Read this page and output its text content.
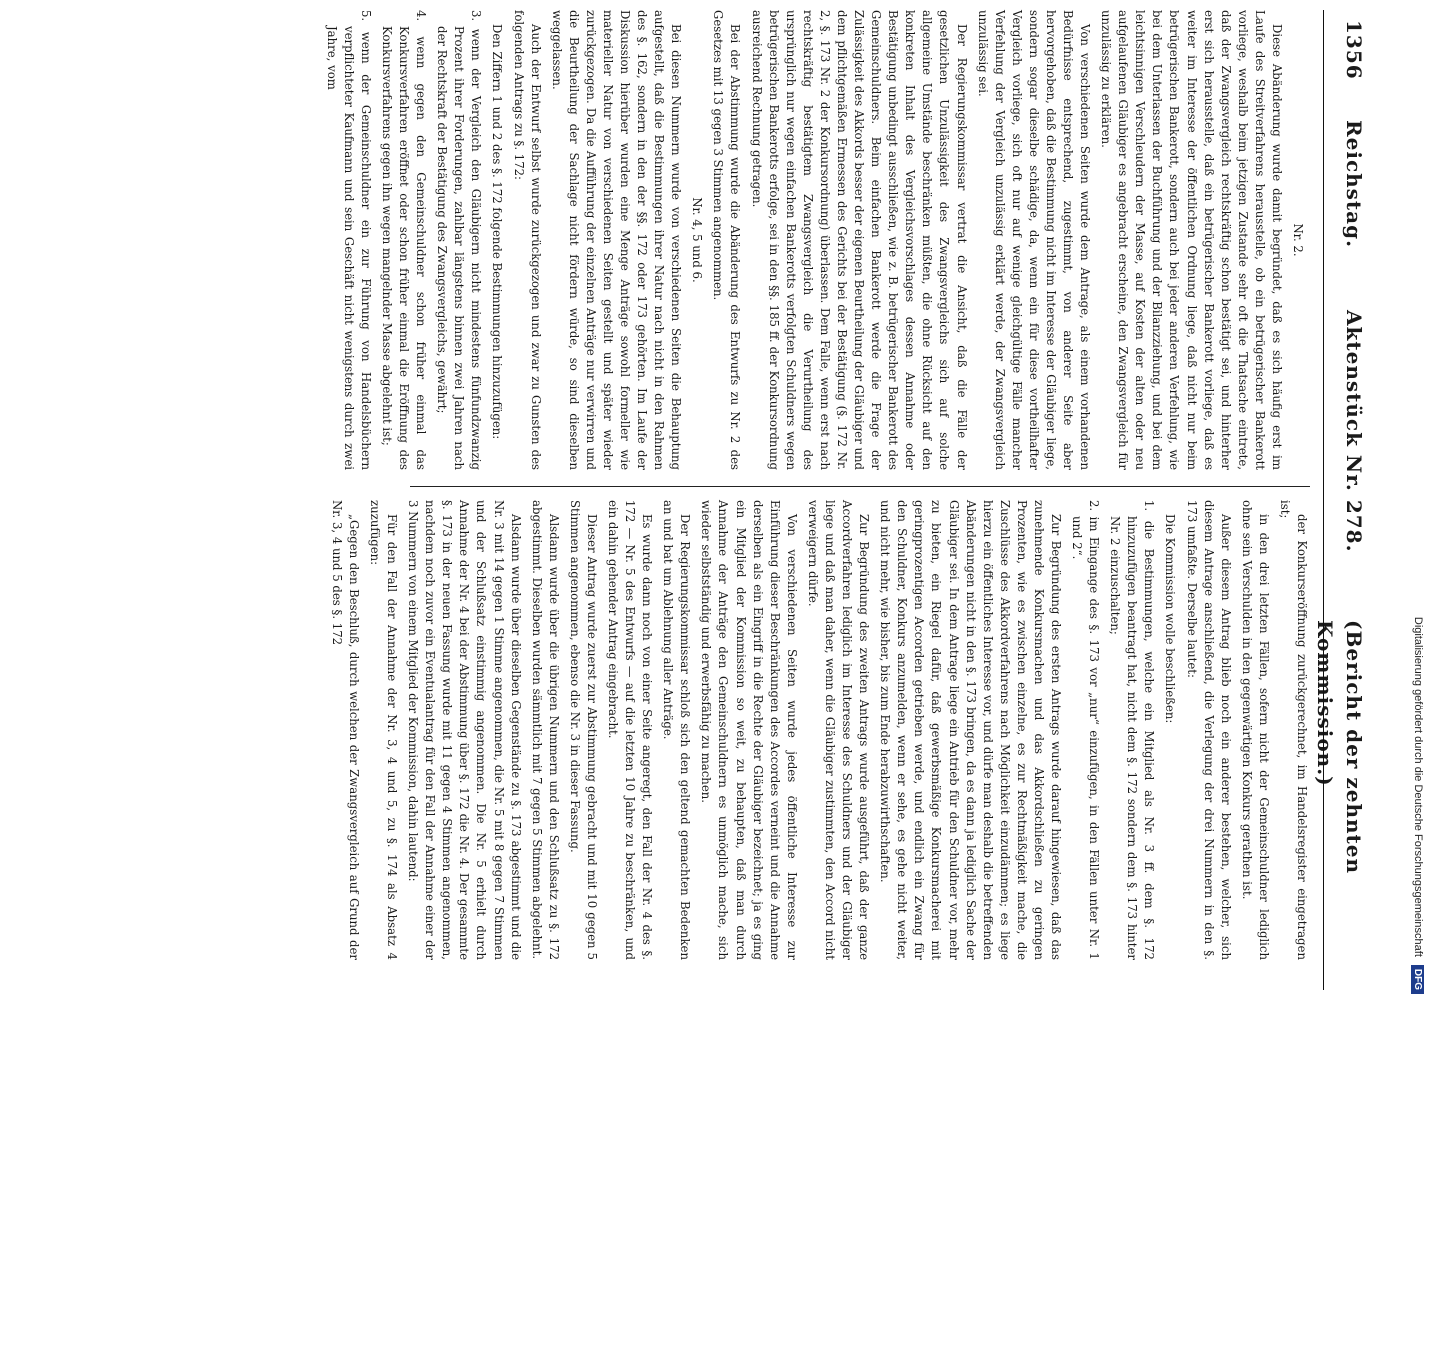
1356
Reichstag.
Aktenstück Nr. 278.
(Bericht der zehnten Kommission.)

Nr. 2.

Diese Abänderung wurde damit begründet, daß es sich häufig erst im Laufe des Streitverfahrens herausstelle, ob ein betrügerischer Bankerott vorliege, weshalb beim jetzigen Zustande sehr oft die Thatsache eintrete, daß der Zwangsvergleich rechtskräftig schon bestätigt sei, und hinterher erst sich herausstelle, daß ein betrügerischer Bankerott vorliege, daß es weiter im Interesse der öffentlichen Ordnung liege, daß nicht nur beim betrügerischen Bankerott, sondern auch bei jeder anderen Verfehlung, wie bei dem Unterlassen der Buchführung und der Bilanzziehung, und bei dem leichtsinnigen Verschleudern der Masse, auf Kosten der alten oder neu aufgelaufenen Gläubiger es angebracht erscheine, den Zwangsvergleich für unzulässig zu erklären.

Von verschiedenen Seiten wurde dem Antrage, als einem vorhandenen Bedürfnisse entsprechend, zugestimmt, von anderer Seite aber hervorgehoben, daß die Bestimmung nicht im Interesse der Gläubiger liege, sondern sogar dieselbe schädige, da, wenn ein für diese vortheilhafter Vergleich vorliege, sich oft nur auf wenige gleichgültige Fälle mancher Verfehlung der Vergleich unzulässig erklärt werde, der Zwangsvergleich unzulässig sei.

Der Regierungskommissar vertrat die Ansicht, daß die Fälle der gesetzlichen Unzulässigkeit des Zwangsvergleichs sich auf solche allgemeine Umstände beschränken müßten, die ohne Rücksicht auf den konkreten Inhalt des Vergleichsvorschlages dessen Annahme oder Bestätigung unbedingt ausschließen, wie z. B. betrügerischer Bankerott des Gemeinschuldners. Beim einfachen Bankerott werde die Frage der Zulässigkeit des Akkords besser der eigenen Beurtheilung der Gläubiger und dem pflichtgemäßen Ermessen des Gerichts bei der Bestätigung (§. 172 Nr. 2, §. 173 Nr. 2 der Konkursordnung) überlassen. Dem Falle, wenn erst nach rechtskräftig bestätigtem Zwangsvergleich die Verurtheilung des ursprünglich nur wegen einfachen Bankerotts verfolgten Schuldners wegen betrügerischen Bankerotts erfolge, sei in den §§. 185 ff. der Konkursordnung ausreichend Rechnung getragen.

Bei der Abstimmung wurde die Abänderung des Entwurfs zu Nr. 2 des Gesetzes mit 13 gegen 3 Stimmen angenommen.

Nr. 4, 5 und 6.

Bei diesen Nummern wurde von verschiedenen Seiten die Behauptung aufgestellt, daß die Bestimmungen ihrer Natur nach nicht in den Rahmen des §. 162, sondern in den der §§. 172 oder 173 gehörten. Im Laufe der Diskussion hierüber wurden eine Menge Anträge sowohl formeller wie materieller Natur von verschiedenen Seiten gestellt und später wieder zurückgezogen. Da die Aufführung der einzelnen Anträge nur verwirren und die Beurtheilung der Sachlage nicht fördern würde, so sind dieselben weggelassen.

Auch der Entwurf selbst wurde zurückgezogen und zwar zu Gunsten des folgenden Antrags zu §. 172:

Den Ziffern 1 und 2 des §. 172 folgende Bestimmungen hinzuzufügen:

3. wenn der Vergleich den Gläubigern nicht mindestens fünfundzwanzig Prozent ihrer Forderungen, zahlbar längstens binnen zwei Jahren nach der Rechtskraft der Bestätigung des Zwangsvergleichs, gewährt;

4. wenn gegen den Gemeinschuldner schon früher einmal das Konkursverfahren eröffnet oder schon früher einmal die Eröffnung des Konkursverfahrens gegen ihn wegen mangelnder Masse abgelehnt ist;

5. wenn der Gemeinschuldner ein zur Führung von Handelsbüchern verpflichteter Kaufmann und sein Geschäft nicht wenigstens durch zwei Jahre, vom

der Konkurseröffnung zurückgerechnet, im Handelsregister eingetragen ist;

in den drei letzten Fällen, sofern nicht der Gemeinschuldner lediglich ohne sein Verschulden in den gegenwärtigen Konkurs gerathen ist.

Außer diesem Antrag blieb noch ein anderer bestehen, welcher, sich diesem Antrage anschließend, die Verlegung der drei Nummern in den §. 173 umfaßte. Derselbe lautet:

Die Kommission wolle beschließen:

1. die Bestimmungen, welche ein Mitglied als Nr. 3 ff. dem §. 172 hinzuzufügen beantragt hat, nicht dem §. 172 sondern dem §. 173 hinter Nr. 2 einzuschalten;

2. im Eingange des §. 173 vor „nur“ einzufügen, in den Fällen unter Nr. 1 und 2“.

Zur Begründung des ersten Antrags wurde darauf hingewiesen, daß das zunehmende Konkursmachen und das Akkordschließen zu geringen Prozenten, wie es zwischen einzelne, es zur Rechtmäßigkeit mache, die Zuschlüsse des Akkordverfahrens nach Möglichkeit einzudämmen; es liege hierzu ein öffentliches Interesse vor, und dürfe man deshalb die betreffenden Abänderungen nicht in den §. 173 bringen, da es dann ja lediglich Sache der Gläubiger sei. In dem Antrage liege ein Antrieb für den Schuldner vor, mehr zu bieten, ein Riegel dafür, daß gewerbsmäßige Konkursmacherei mit geringprozentigen Accorden getrieben werde, und endlich ein Zwang für den Schuldner, Konkurs anzumelden, wenn er sehe, es gehe nicht weiter, und nicht mehr, wie bisher, bis zum Ende herabzuwirthschaften.

Zur Begründung des zweiten Antrags wurde ausgeführt, daß der ganze Accordverfahren lediglich im Interesse des Schuldners und der Gläubiger liege und daß man daher, wenn die Gläubiger zustimmten, den Accord nicht verweigern dürfe.

Von verschiedenen Seiten wurde jedes öffentliche Interesse zur Einführung dieser Beschränkungen des Accordes verneint und die Annahme derselben als ein Eingriff in die Rechte der Gläubiger bezeichnet; ja es ging ein Mitglied der Kommission so weit, zu behaupten, daß man durch Annahme der Anträge den Gemeinschuldnern es unmöglich mache, sich wieder selbstständig und erwerbsfähig zu machen.

Der Regierungskommissar schloß sich den geltend gemachten Bedenken an und bat um Ablehnung aller Anträge.

Es wurde dann noch von einer Seite angeregt, den Fall der Nr. 4 des §. 172 — Nr. 5 des Entwurfs — auf die letzten 10 Jahre zu beschränken, und ein dahin gehender Antrag eingebracht.

Dieser Antrag wurde zuerst zur Abstimmung gebracht und mit 10 gegen 5 Stimmen angenommen, ebenso die Nr. 3 in dieser Fassung.

Alsdann wurde über die übrigen Nummern und den Schlußsatz zu §. 172 abgestimmt. Dieselben wurden sämmtlich mit 7 gegen 5 Stimmen abgelehnt.

Alsdann wurde über dieselben Gegenstände zu §. 173 abgestimmt und die Nr. 3 mit 14 gegen 1 Stimme angenommen, die Nr. 5 mit 8 gegen 7 Stimmen und der Schlußsatz einstimmig angenommen. Die Nr. 5 erhielt durch Annahme der Nr. 4 bei der Abstimmung über §. 172 die Nr. 4. Der gesammte §. 173 in der neuen Fassung wurde mit 11 gegen 4 Stimmen angenommen, nachdem noch zuvor ein Eventualantrag für den Fall der Annahme einer der 3 Nummern von einem Mitglied der Kommission, dahin lautend:

Für den Fall der Annahme der Nr. 3, 4 und 5, zu §. 174 als Absatz 4 zuzufügen:

„Gegen den Beschluß, durch welchen der Zwangsvergleich auf Grund der Nr. 3, 4 und 5 des §. 172

Digitalisierung gefördert durch die Deutsche Forschungsgemeinschaft
DFG
